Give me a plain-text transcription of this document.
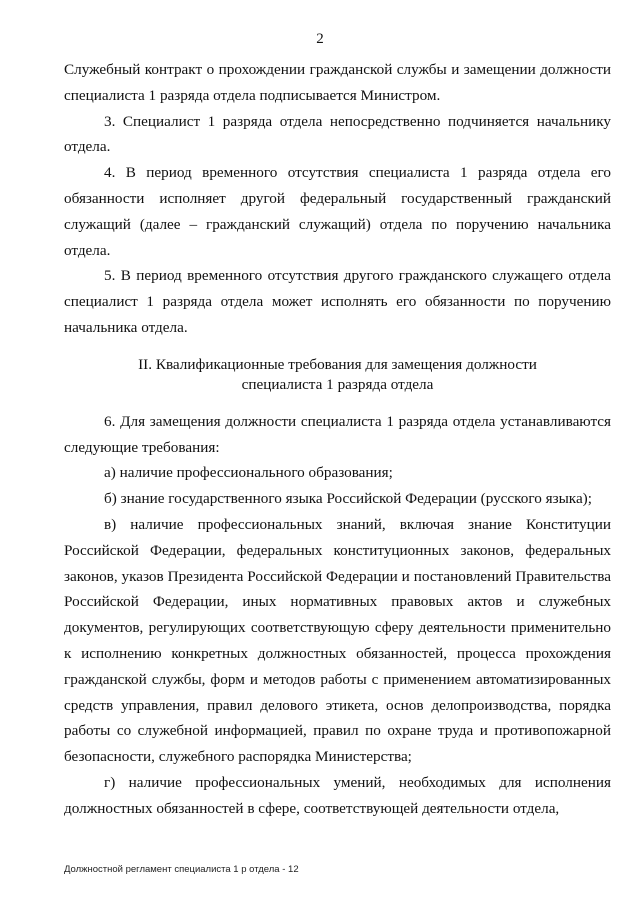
2

Служебный контракт о прохождении гражданской службы и замещении должности специалиста 1 разряда отдела подписывается Министром.

3. Специалист 1 разряда отдела непосредственно подчиняется начальнику отдела.

4. В период временного отсутствия специалиста 1 разряда отдела его обязанности исполняет другой федеральный государственный гражданский служащий (далее – гражданский служащий) отдела по поручению начальника отдела.

5. В период временного отсутствия другого гражданского служащего отдела специалист 1 разряда отдела может исполнять его обязанности по поручению начальника отдела.

II. Квалификационные требования для замещения должности
специалиста 1 разряда отдела

6. Для замещения должности специалиста 1 разряда отдела устанавливаются следующие требования:

а) наличие профессионального образования;

б) знание государственного языка Российской Федерации (русского языка);

в) наличие профессиональных знаний, включая знание Конституции Российской Федерации, федеральных конституционных законов, федеральных законов, указов Президента Российской Федерации и постановлений Правительства Российской Федерации, иных нормативных правовых актов и служебных документов, регулирующих соответствующую сферу деятельности применительно к исполнению конкретных должностных обязанностей, процесса прохождения гражданской службы, форм и методов работы с применением автоматизированных средств управления, правил делового этикета, основ делопроизводства, порядка работы со служебной информацией, правил по охране труда и противопожарной безопасности, служебного распорядка Министерства;

г) наличие профессиональных умений, необходимых для исполнения должностных обязанностей в сфере, соответствующей деятельности отдела,

Должностной регламент специалиста 1 р отдела - 12
